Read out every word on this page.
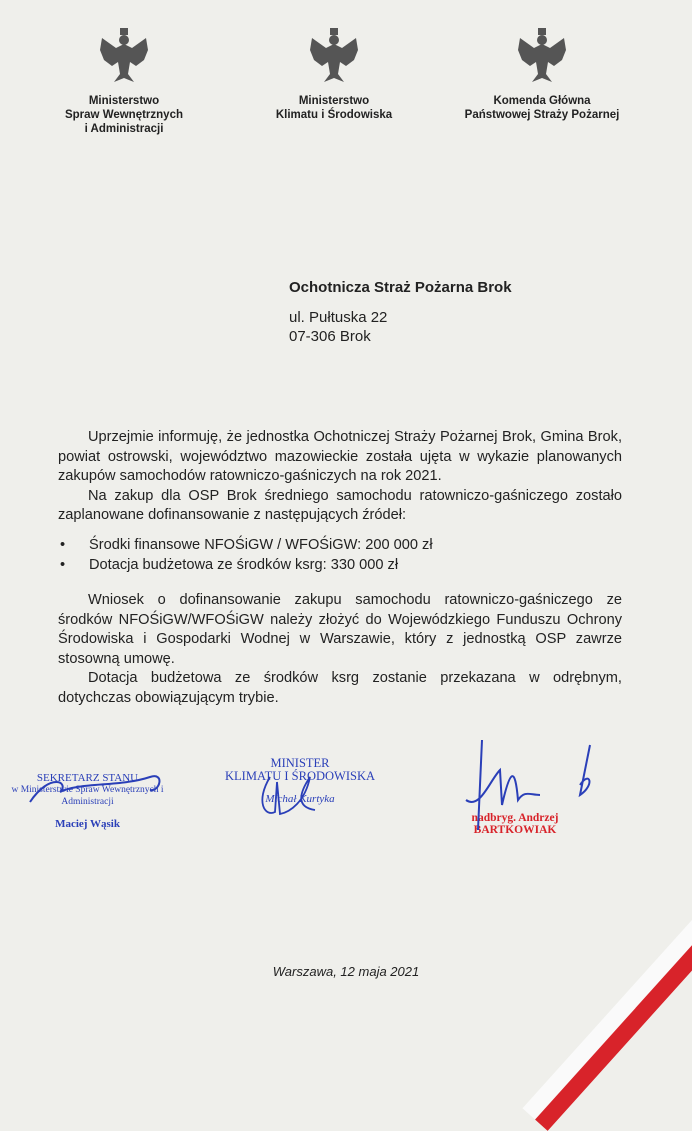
Ministerstwo
Spraw Wewnętrznych
i Administracji
Ministerstwo
Klimatu i Środowiska
Komenda Główna
Państwowej Straży Pożarnej
Ochotnicza Straż Pożarna Brok
ul. Pułtuska 22
07-306 Brok

Uprzejmie informuję, że jednostka Ochotniczej Straży Pożarnej Brok, Gmina Brok, powiat ostrowski, województwo mazowieckie została ujęta w wykazie planowanych zakupów samochodów ratowniczo-gaśniczych na rok 2021.

Na zakup dla OSP Brok średniego samochodu ratowniczo-gaśniczego zostało zaplanowane dofinansowanie z następujących źródeł:

• Środki finansowe NFOŚiGW / WFOŚiGW: 200 000 zł
• Dotacja budżetowa ze środków ksrg: 330 000 zł

Wniosek o dofinansowanie zakupu samochodu ratowniczo-gaśniczego ze środków NFOŚiGW/WFOŚiGW należy złożyć do Wojewódzkiego Funduszu Ochrony Środowiska i Gospodarki Wodnej w Warszawie, który z jednostką OSP zawrze stosowną umowę.

Dotacja budżetowa ze środków ksrg zostanie przekazana w odrębnym, dotychczas obowiązującym trybie.

SEKRETARZ STANU
w Ministerstwie Spraw Wewnętrznych i Administracji
Maciej Wąsik
MINISTER
KLIMATU I ŚRODOWISKA
Michał Kurtyka
nadbryg. Andrzej BARTKOWIAK
Warszawa, 12 maja 2021
